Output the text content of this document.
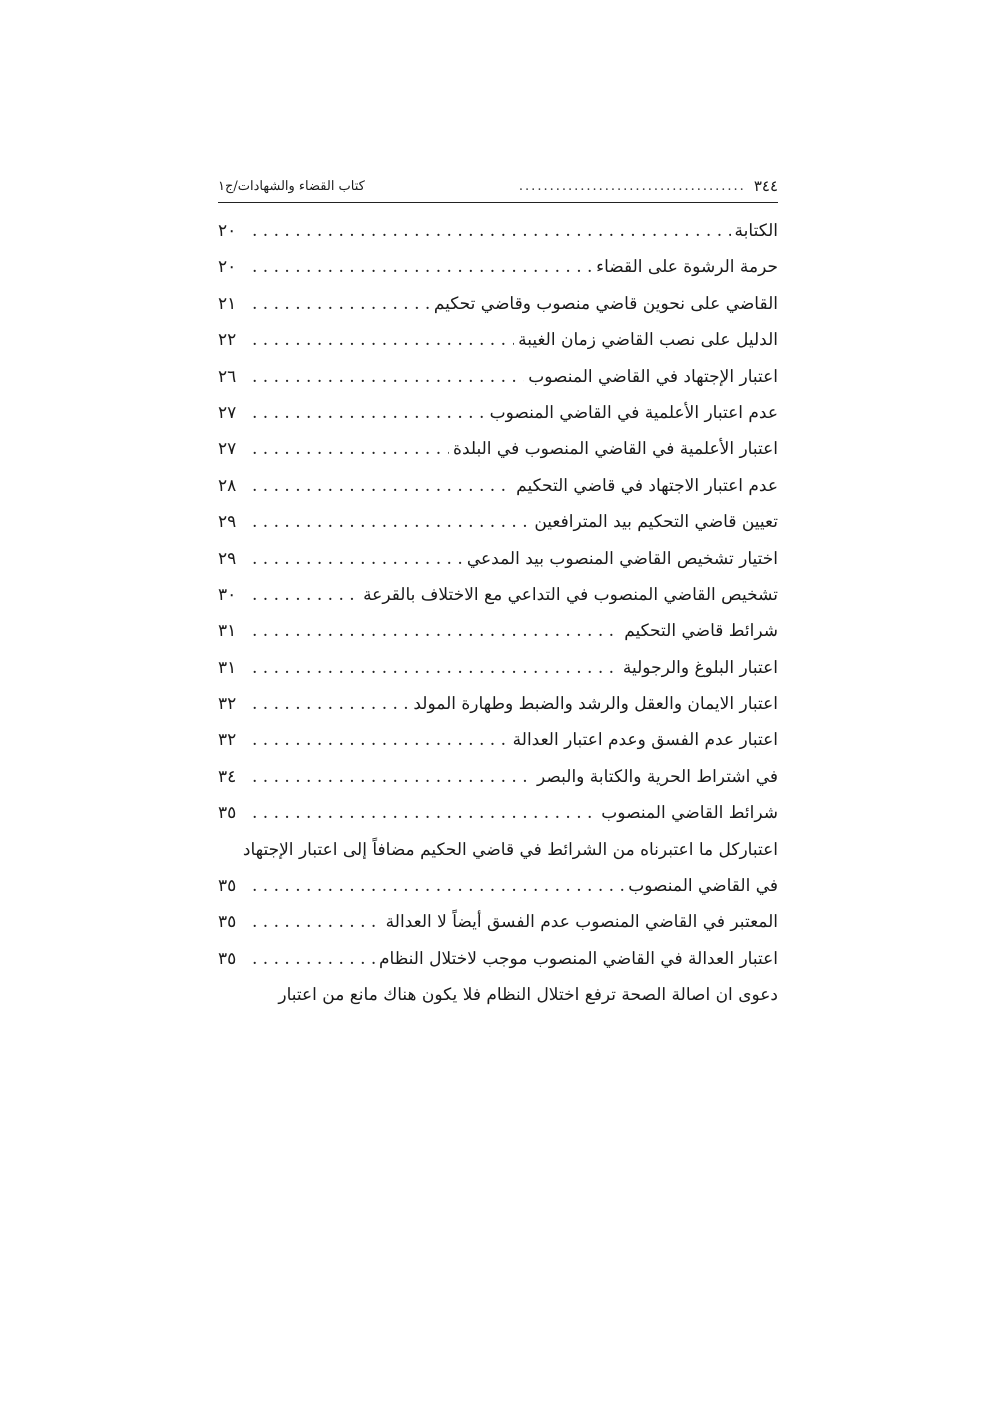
٣٤٤
.....................................
كتاب القضاء والشهادات/ج١
الكتابة
. . .
٢٠
حرمة الرشوة على القضاء
. . .
٢٠
القاضي على نحوين قاضي منصوب وقاضي تحكيم
. . .
٢١
الدليل على نصب القاضي زمان الغيبة
. . .
٢٢
اعتبار الإجتهاد في القاضي المنصوب
. . .
٢٦
عدم اعتبار الأعلمية في القاضي المنصوب
. . .
٢٧
اعتبار الأعلمية في القاضي المنصوب في البلدة
. . .
٢٧
عدم اعتبار الاجتهاد في قاضي التحكيم
. . .
٢٨
تعيين قاضي التحكيم بيد المترافعين
. . .
٢٩
اختيار تشخيص القاضي المنصوب بيد المدعي
. . .
٢٩
تشخيص القاضي المنصوب في التداعي مع الاختلاف بالقرعة
. . .
٣٠
شرائط قاضي التحكيم
. . .
٣١
اعتبار البلوغ والرجولية
. . .
٣١
اعتبار الايمان والعقل والرشد والضبط وطهارة المولد
. . .
٣٢
اعتبار عدم الفسق وعدم اعتبار العدالة
. . .
٣٢
في اشتراط الحرية والكتابة والبصر
. . .
٣٤
شرائط القاضي المنصوب
. . .
٣٥
اعتباركل ما اعتبرناه من الشرائط في قاضي الحكيم مضافاً إلى اعتبار الإجتهاد
في القاضي المنصوب
. . .
٣٥
المعتبر في القاضي المنصوب عدم الفسق أيضاً لا العدالة
. . .
٣٥
اعتبار العدالة في القاضي المنصوب موجب لاختلال النظام
. . .
٣٥
دعوى ان اصالة الصحة ترفع اختلال النظام فلا يكون هناك مانع من اعتبار
